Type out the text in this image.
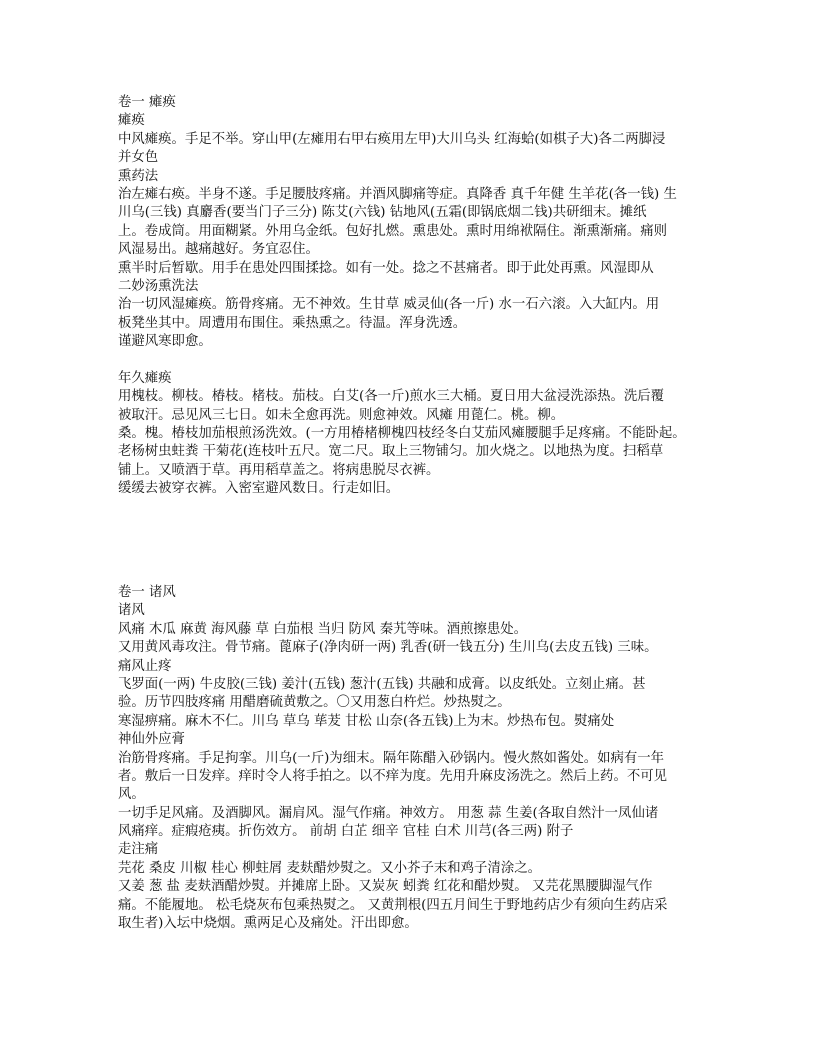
卷一 瘫痪
瘫痪
中风瘫痪。手足不举。穿山甲(左瘫用右甲右痪用左甲)大川乌头 红海蛤(如棋子大)各二两脚浸
并女色
熏药法
治左瘫右痪。半身不遂。手足腰肢疼痛。并酒风脚痛等症。真降香 真千年健 生羊花(各一钱) 生
川乌(三钱) 真麝香(要当门子三分) 陈艾(六钱) 钻地风(五霜(即锅底烟二钱)共研细末。摊纸
上。卷成筒。用面糊紧。外用乌金纸。包好扎燃。熏患处。熏时用绵袱隔住。渐熏渐痛。痛则
风湿易出。越痛越好。务宜忍住。
熏半时后暂歇。用手在患处四围揉捻。如有一处。捻之不甚痛者。即于此处再熏。风湿即从
二妙汤熏洗法
治一切风湿瘫痪。筋骨疼痛。无不神效。生甘草 威灵仙(各一斤) 水一石六滚。入大缸内。用
板凳坐其中。周遭用布围住。乘热熏之。待温。浑身洗透。
谨避风寒即愈。
年久瘫痪
用槐枝。柳枝。椿枝。楮枝。茄枝。白艾(各一斤)煎水三大桶。夏日用大盆浸洗添热。洗后覆
被取汗。忌见风三七日。如未全愈再洗。则愈神效。风瘫 用蓖仁。桃。柳。
桑。槐。椿枝加茄根煎汤洗效。(一方用椿楮柳槐四枝经冬白艾茄风瘫腰腿手足疼痛。不能卧起。
老杨树虫蛀粪 干菊花(连枝叶五尺。宽二尺。取上三物铺匀。加火烧之。以地热为度。扫稻草
铺上。又喷酒于草。再用稻草盖之。将病患脱尽衣裤。
缓缓去被穿衣裤。入密室避风数日。行走如旧。
卷一 诸风
诸风
风痛 木瓜 麻黄 海风藤 草 白茄根 当归 防风 秦艽等味。酒煎擦患处。
又用黄风毒攻注。骨节痛。蓖麻子(净肉研一两) 乳香(研一钱五分) 生川乌(去皮五钱) 三味。
痛风止疼
飞罗面(一两) 牛皮胶(三钱) 姜汁(五钱) 葱汁(五钱) 共融和成膏。以皮纸处。立刻止痛。甚
验。历节四肢疼痛 用醋磨硫黄敷之。〇又用葱白杵烂。炒热熨之。
寒湿痹痛。麻木不仁。川乌 草乌 荜茇 甘松 山奈(各五钱)上为末。炒热布包。熨痛处
神仙外应膏
治筋骨疼痛。手足拘挛。川乌(一斤)为细末。隔年陈醋入砂锅内。慢火熬如酱处。如病有一年
者。敷后一日发痒。痒时令人将手拍之。以不痒为度。先用升麻皮汤洗之。然后上药。不可见
风。
一切手足风痛。及酒脚风。漏肩风。湿气作痛。神效方。 用葱 蒜 生姜(各取自然汁一凤仙诸
风痛痒。症瘕疮痍。折伤效方。 前胡 白芷 细辛 官桂 白术 川芎(各三两) 附子
走注痛
芫花 桑皮 川椒 桂心 柳蛀屑 麦麸醋炒熨之。又小芥子末和鸡子清涂之。
又姜 葱 盐 麦麸酒醋炒熨。并摊席上卧。又炭灰 蚓粪 红花和醋炒熨。 又芫花黑腰脚湿气作
痛。不能履地。 松毛烧灰布包乘热熨之。 又黄荆根(四五月间生于野地药店少有须向生药店采
取生者)入坛中烧烟。熏两足心及痛处。汗出即愈。
